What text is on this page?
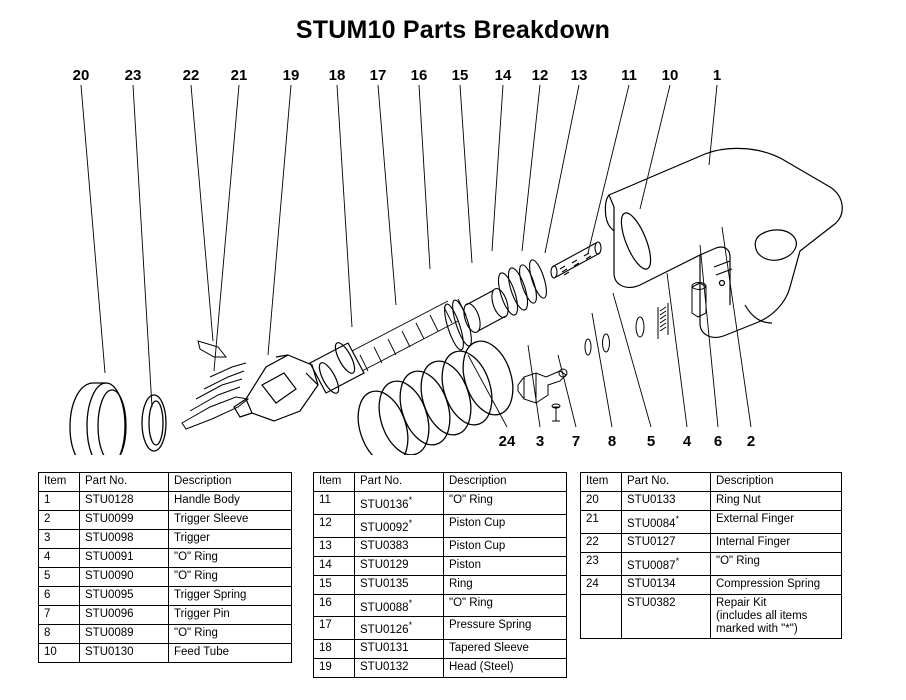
STUM10 Parts Breakdown
20	23	22	21	19	18	17	16	15	14	12	13	11	10	1
24	3	7	8	5	4	6	2
Item	Part No.	Description
1	STU0128	Handle Body
2	STU0099	Trigger Sleeve
3	STU0098	Trigger
4	STU0091	"O" Ring
5	STU0090	"O" Ring
6	STU0095	Trigger Spring
7	STU0096	Trigger Pin
8	STU0089	"O" Ring
10	STU0130	Feed Tube
Item	Part No.	Description
11	STU0136*	"O" Ring
12	STU0092*	Piston Cup
13	STU0383	Piston Cup
14	STU0129	Piston
15	STU0135	Ring
16	STU0088*	"O" Ring
17	STU0126*	Pressure Spring
18	STU0131	Tapered Sleeve
19	STU0132	Head (Steel)
Item	Part No.	Description
20	STU0133	Ring Nut
21	STU0084*	External Finger
22	STU0127	Internal Finger
23	STU0087*	"O" Ring
24	STU0134	Compression Spring
	STU0382	Repair Kit
(includes all items
marked with "*")
